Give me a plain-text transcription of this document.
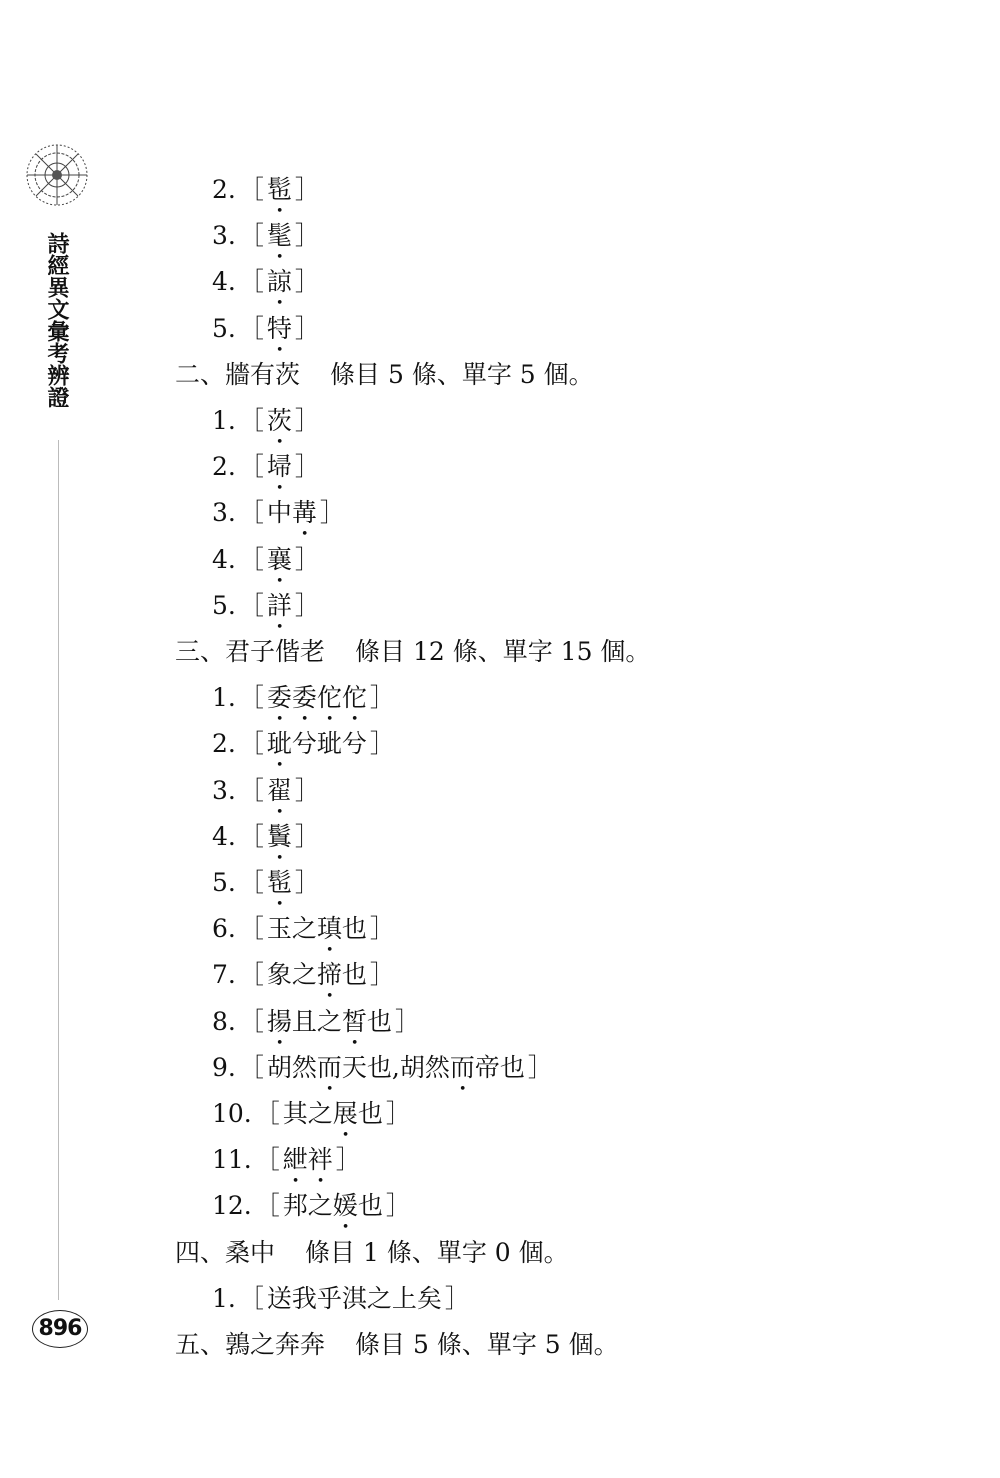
詩經異文彙考辨證
896
2. ［ 髢 ］
3. ［ 髦 ］
4. ［ 諒 ］
5. ［ 特 ］
二、牆有茨 條目 5 條、單字 5 個。
1. ［ 茨 ］
2. ［ 埽 ］
3. ［ 中冓 ］
4. ［ 襄 ］
5. ［ 詳 ］
三、君子偕老 條目 12 條、單字 15 個。
1. ［ 委委佗佗 ］
2. ［ 玼兮玼兮 ］
3. ［ 翟 ］
4. ［ 鬒 ］
5. ［ 髢 ］
6. ［ 玉之瑱也 ］
7. ［ 象之揥也 ］
8. ［ 揚且之皙也 ］
9. ［ 胡然而天也,胡然而帝也 ］
10. ［ 其之展也 ］
11. ［ 紲袢 ］
12. ［ 邦之媛也 ］
四、桑中 條目 1 條、單字 0 個。
1. ［ 送我乎淇之上矣 ］
五、鶉之奔奔 條目 5 條、單字 5 個。
